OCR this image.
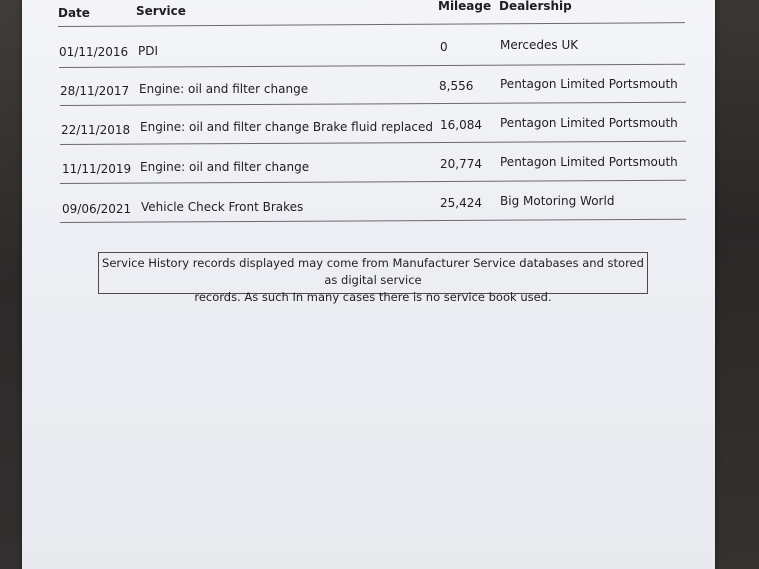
Date	Service	Mileage Dealership
01/11/2016 PDI	0	Mercedes UK
28/11/2017 Engine: oil and filter change	8,556 Pentagon Limited Portsmouth
22/11/2018 Engine: oil and filter change Brake fluid replaced 16,084 Pentagon Limited Portsmouth
11/11/2019 Engine: oil and filter change	20,774 Pentagon Limited Portsmouth
09/06/2021 Vehicle Check Front Brakes	25,424 Big Motoring World
Service History records displayed may come from Manufacturer Service databases and stored as digital service
records. As such In many cases there is no service book used.
